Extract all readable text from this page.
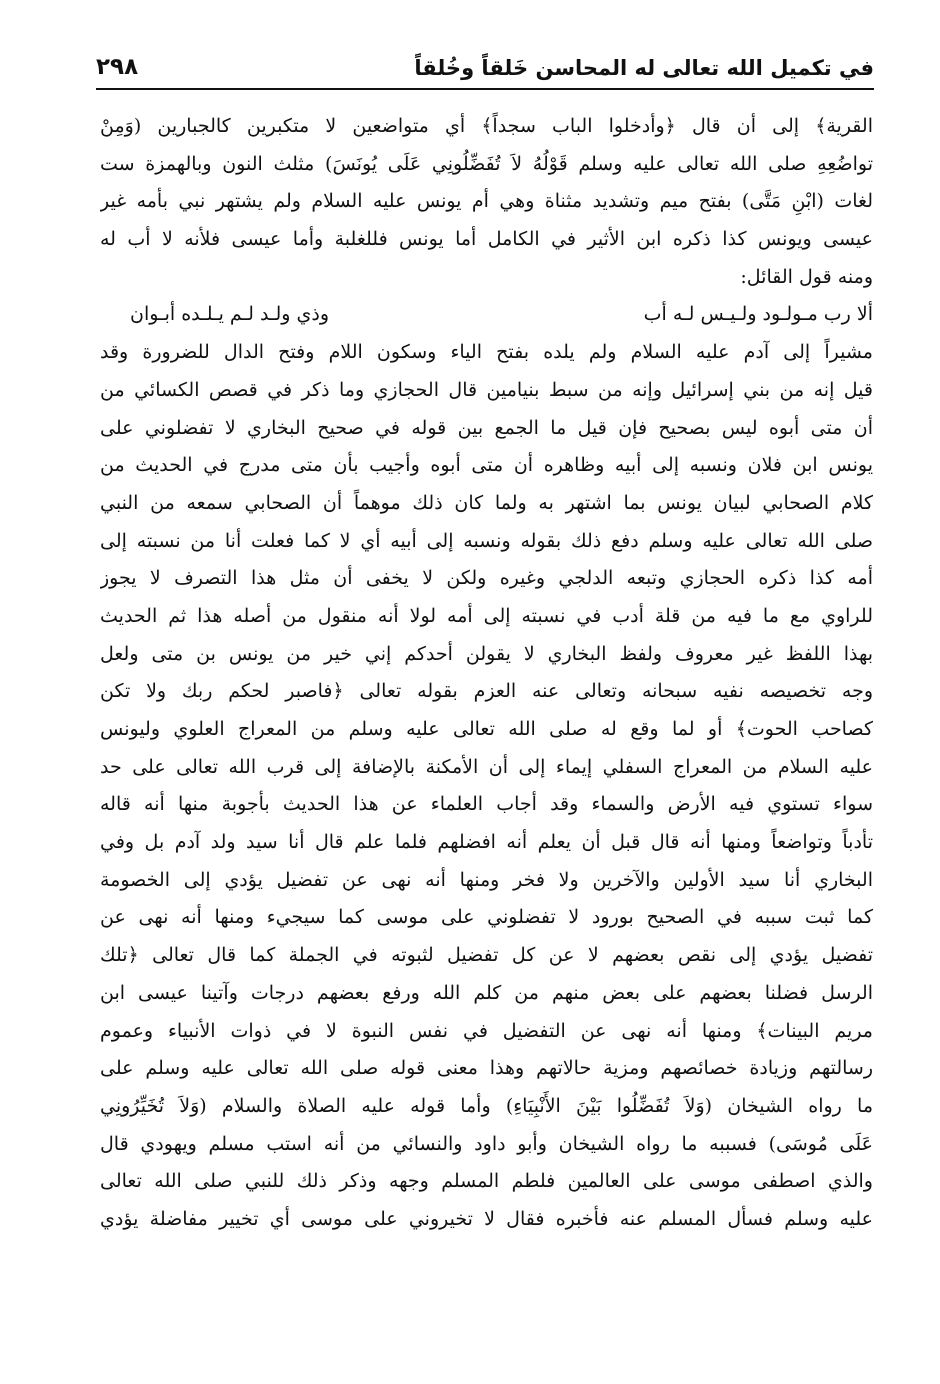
في تكميل الله تعالى له المحاسن خَلقاً وخُلقاً
٢٩٨
القرية﴾ إلى أن قال ﴿وأدخلوا الباب سجداً﴾ أي متواضعين لا متكبرين كالجبارين (وَمِنْ
تواضُعِهِ صلى الله تعالى عليه وسلم قَوْلُهُ لاَ تُفَضِّلُونِي عَلَى يُونَسَ) مثلث النون وبالهمزة ست
لغات (ابْنِ مَتَّى) بفتح ميم وتشديد مثناة وهي أم يونس عليه السلام ولم يشتهر نبي بأمه غير
عيسى ويونس كذا ذكره ابن الأثير في الكامل أما يونس فللغلبة وأما عيسى فلأنه لا أب له
ومنه قول القائل:
ألا رب مـولـود ولـيـس لـه أب
وذي ولـد لـم يـلـده أبـوان
مشيراً إلى آدم عليه السلام ولم يلده بفتح الياء وسكون اللام وفتح الدال للضرورة وقد
قيل إنه من بني إسرائيل وإنه من سبط بنيامين قال الحجازي وما ذكر في قصص الكسائي من
أن متى أبوه ليس بصحيح فإن قيل ما الجمع بين قوله في صحيح البخاري لا تفضلوني على
يونس ابن فلان ونسبه إلى أبيه وظاهره أن متى أبوه وأجيب بأن متى مدرج في الحديث من
كلام الصحابي لبيان يونس بما اشتهر به ولما كان ذلك موهماً أن الصحابي سمعه من النبي
صلى الله تعالى عليه وسلم دفع ذلك بقوله ونسبه إلى أبيه أي لا كما فعلت أنا من نسبته إلى
أمه كذا ذكره الحجازي وتبعه الدلجي وغيره ولكن لا يخفى أن مثل هذا التصرف لا يجوز
للراوي مع ما فيه من قلة أدب في نسبته إلى أمه لولا أنه منقول من أصله هذا ثم الحديث
بهذا اللفظ غير معروف ولفظ البخاري لا يقولن أحدكم إني خير من يونس بن متى ولعل
وجه تخصيصه نفيه سبحانه وتعالى عنه العزم بقوله تعالى ﴿فاصبر لحكم ربك ولا تكن
كصاحب الحوت﴾ أو لما وقع له صلى الله تعالى عليه وسلم من المعراج العلوي وليونس
عليه السلام من المعراج السفلي إيماء إلى أن الأمكنة بالإضافة إلى قرب الله تعالى على حد
سواء تستوي فيه الأرض والسماء وقد أجاب العلماء عن هذا الحديث بأجوبة منها أنه قاله
تأدباً وتواضعاً ومنها أنه قال قبل أن يعلم أنه افضلهم فلما علم قال أنا سيد ولد آدم بل وفي
البخاري أنا سيد الأولين والآخرين ولا فخر ومنها أنه نهى عن تفضيل يؤدي إلى الخصومة
كما ثبت سببه في الصحيح بورود لا تفضلوني على موسى كما سيجيء ومنها أنه نهى عن
تفضيل يؤدي إلى نقص بعضهم لا عن كل تفضيل لثبوته في الجملة كما قال تعالى ﴿تلك
الرسل فضلنا بعضهم على بعض منهم من كلم الله ورفع بعضهم درجات وآتينا عيسى ابن
مريم البينات﴾ ومنها أنه نهى عن التفضيل في نفس النبوة لا في ذوات الأنبياء وعموم
رسالتهم وزيادة خصائصهم ومزية حالاتهم وهذا معنى قوله صلى الله تعالى عليه وسلم على
ما رواه الشيخان (وَلاَ تُفَضِّلُوا بَيْنَ الأَنْبِيَاءِ) وأما قوله عليه الصلاة والسلام (وَلاَ تُخَيِّرُونِي
عَلَى مُوسَى) فسببه ما رواه الشيخان وأبو داود والنسائي من أنه استب مسلم ويهودي قال
والذي اصطفى موسى على العالمين فلطم المسلم وجهه وذكر ذلك للنبي صلى الله تعالى
عليه وسلم فسأل المسلم عنه فأخبره فقال لا تخيروني على موسى أي تخيير مفاضلة يؤدي
